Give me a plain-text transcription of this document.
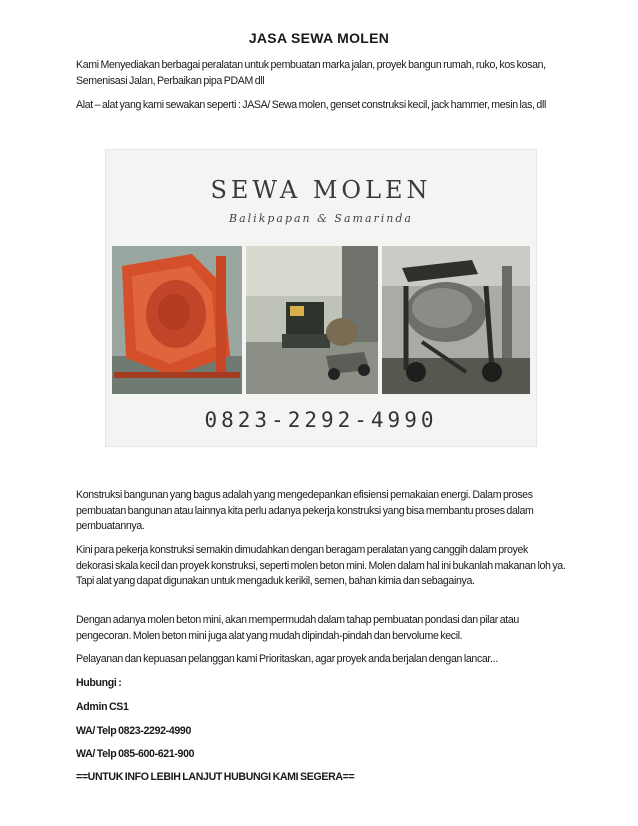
JASA SEWA MOLEN
Kami Menyediakan berbagai peralatan untuk pembuatan marka jalan, proyek bangun rumah, ruko, kos kosan, Semenisasi Jalan, Perbaikan pipa PDAM dll
Alat – alat yang kami sewakan seperti : JASA/ Sewa molen, genset construksi kecil, jack hammer, mesin las, dll
SEWA MOLEN
Balikpapan & Samarinda
0823-2292-4990
Konstruksi bangunan yang bagus adalah yang mengedepankan efisiensi pemakaian energi. Dalam proses pembuatan bangunan atau lainnya kita perlu adanya pekerja konstruksi yang bisa membantu proses dalam pembuatannya.
Kini para pekerja konstruksi semakin dimudahkan dengan beragam peralatan yang canggih dalam proyek dekorasi skala kecil dan proyek konstruksi, seperti molen beton mini. Molen dalam hal ini bukanlah makanan loh ya. Tapi alat yang dapat digunakan untuk mengaduk kerikil, semen, bahan kimia dan sebagainya.
Dengan adanya molen beton mini, akan mempermudah dalam tahap pembuatan pondasi dan pilar atau pengecoran. Molen beton mini juga alat yang mudah dipindah-pindah dan bervolume kecil.
Pelayanan dan kepuasan pelanggan kami Prioritaskan, agar proyek anda berjalan dengan lancar...
Hubungi :
Admin CS1
WA/ Telp 0823-2292-4990
WA/ Telp 085-600-621-900
==UNTUK INFO LEBIH LANJUT HUBUNGI KAMI SEGERA==
